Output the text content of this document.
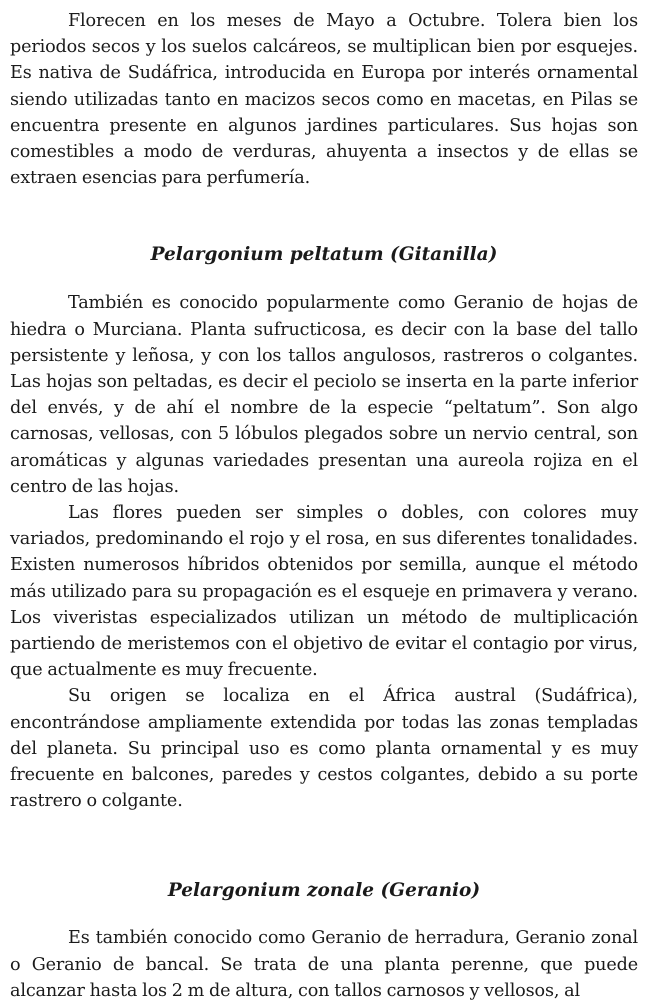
Florecen en los meses de Mayo a Octubre. Tolera bien los periodos secos y los suelos calcáreos, se multiplican bien por esquejes. Es nativa de Sudáfrica, introducida en Europa por interés ornamental siendo utilizadas tanto en macizos secos como en macetas, en Pilas se encuentra presente en algunos jardines particulares. Sus hojas son comestibles a modo de verduras, ahuyenta a insectos y de ellas se extraen esencias para perfumería.

Pelargonium peltatum (Gitanilla)

También es conocido popularmente como Geranio de hojas de hiedra o Murciana. Planta sufructicosa, es decir con la base del tallo persistente y leñosa, y con los tallos angulosos, rastreros o colgantes. Las hojas son peltadas, es decir el peciolo se inserta en la parte inferior del envés, y de ahí el nombre de la especie “peltatum”. Son algo carnosas, vellosas, con 5 lóbulos plegados sobre un nervio central, son aromáticas y algunas variedades presentan una aureola rojiza en el centro de las hojas.

Las flores pueden ser simples o dobles, con colores muy variados, predominando el rojo y el rosa, en sus diferentes tonalidades. Existen numerosos híbridos obtenidos por semilla, aunque el método más utilizado para su propagación es el esqueje en primavera y verano. Los viveristas especializados utilizan un método de multiplicación partiendo de meristemos con el objetivo de evitar el contagio por virus, que actualmente es muy frecuente.

Su origen se localiza en el África austral (Sudáfrica), encontrándose ampliamente extendida por todas las zonas templadas del planeta. Su principal uso es como planta ornamental y es muy frecuente en balcones, paredes y cestos colgantes, debido a su porte rastrero o colgante.

Pelargonium zonale (Geranio)

Es también conocido como Geranio de herradura, Geranio zonal o Geranio de bancal. Se trata de una planta perenne, que puede alcanzar hasta los 2 m de altura, con tallos carnosos y vellosos, al
